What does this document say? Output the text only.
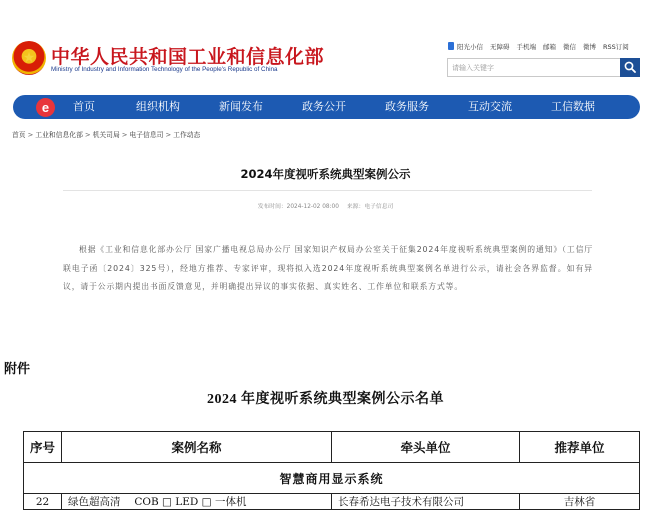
★ 中华人民共和国工业和信息化部
Ministry of Industry and Information Technology of the People's Republic of China
阳光小信 无障碍 手机端 邮箱 微信 微博 RSS订阅
请输入关键字
e	首页	组织机构	新闻发布	政务公开	政务服务	互动交流	工信数据
首页 > 工业和信息化部 > 机关司局 > 电子信息司 > 工作动态
2024年度视听系统典型案例公示
发布时间：2024-12-02 08:00 来源：电子信息司

根据《工业和信息化部办公厅 国家广播电视总局办公厅 国家知识产权局办公室关于征集2024年度视听系统典型案例的通知》（工信厅联电子函〔2024〕325号），经地方推荐、专家评审，现将拟入选2024年度视听系统典型案例名单进行公示，请社会各界监督。如有异议，请于公示期内提出书面反馈意见，并明确提出异议的事实依据、真实姓名、工作单位和联系方式等。

附件
2024 年度视听系统典型案例公示名单
序号	案例名称	牵头单位	推荐单位
智慧商用显示系统			
22	绿色超高清　 COB □ LED □ 一体机	长春希达电子技术有限公司	吉林省
